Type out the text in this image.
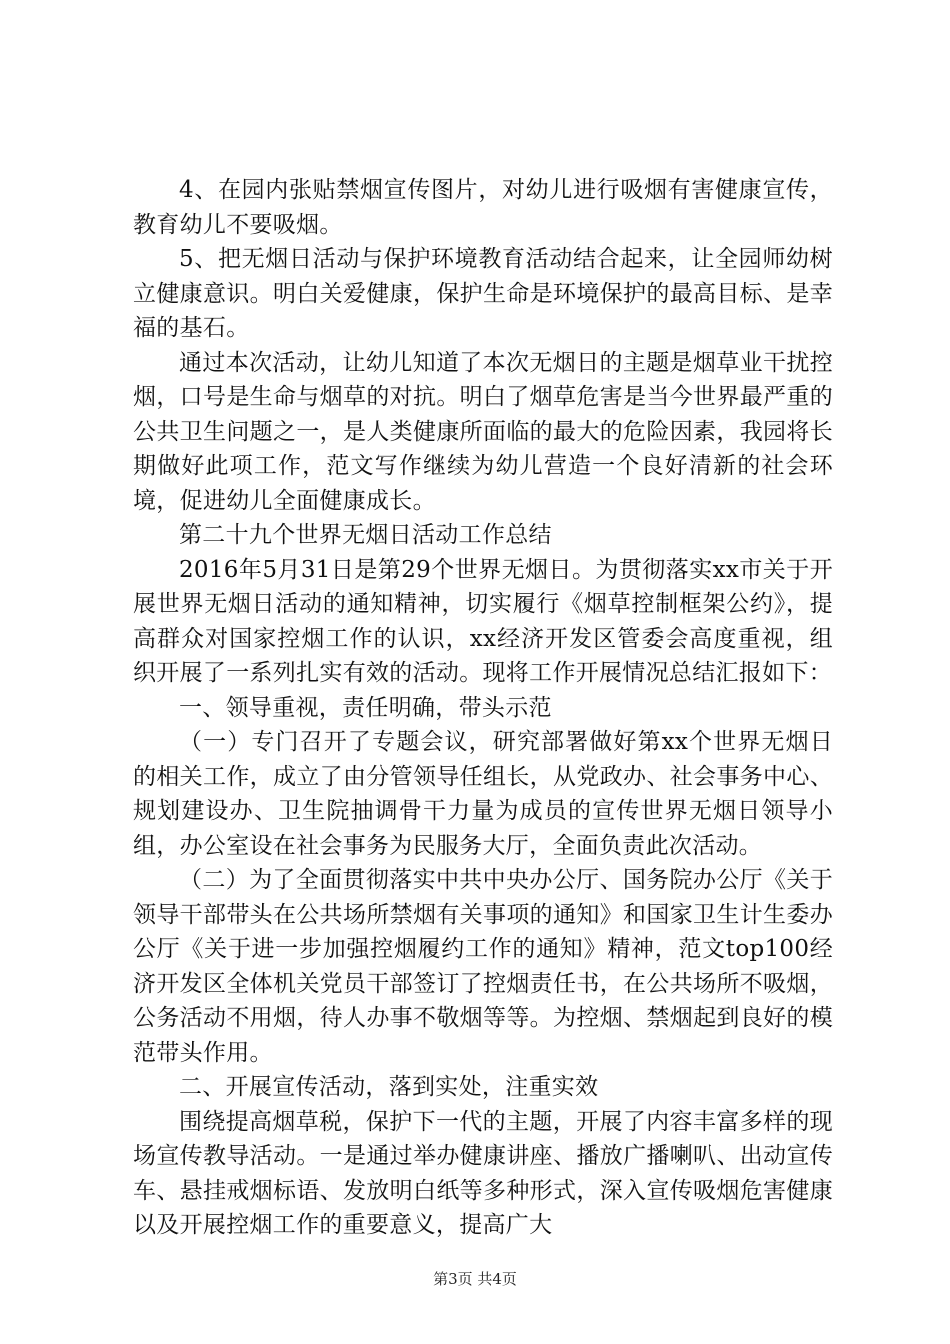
4、在园内张贴禁烟宣传图片，对幼儿进行吸烟有害健康宣传，教育幼儿不要吸烟。

5、把无烟日活动与保护环境教育活动结合起来，让全园师幼树立健康意识。明白关爱健康，保护生命是环境保护的最高目标、是幸福的基石。

通过本次活动，让幼儿知道了本次无烟日的主题是烟草业干扰控烟，口号是生命与烟草的对抗。明白了烟草危害是当今世界最严重的公共卫生问题之一，是人类健康所面临的最大的危险因素，我园将长期做好此项工作，范文写作继续为幼儿营造一个良好清新的社会环境，促进幼儿全面健康成长。

第二十九个世界无烟日活动工作总结

2016年5月31日是第29个世界无烟日。为贯彻落实xx市关于开展世界无烟日活动的通知精神，切实履行《烟草控制框架公约》，提高群众对国家控烟工作的认识，xx经济开发区管委会高度重视，组织开展了一系列扎实有效的活动。现将工作开展情况总结汇报如下：

一、领导重视，责任明确，带头示范

（一）专门召开了专题会议，研究部署做好第xx个世界无烟日的相关工作，成立了由分管领导任组长，从党政办、社会事务中心、规划建设办、卫生院抽调骨干力量为成员的宣传世界无烟日领导小组，办公室设在社会事务为民服务大厅，全面负责此次活动。

（二）为了全面贯彻落实中共中央办公厅、国务院办公厅《关于领导干部带头在公共场所禁烟有关事项的通知》和国家卫生计生委办公厅《关于进一步加强控烟履约工作的通知》精神，范文top100经济开发区全体机关党员干部签订了控烟责任书，在公共场所不吸烟，公务活动不用烟，待人办事不敬烟等等。为控烟、禁烟起到良好的模范带头作用。

二、开展宣传活动，落到实处，注重实效

围绕提高烟草税，保护下一代的主题，开展了内容丰富多样的现场宣传教导活动。一是通过举办健康讲座、播放广播喇叭、出动宣传车、悬挂戒烟标语、发放明白纸等多种形式，深入宣传吸烟危害健康以及开展控烟工作的重要意义，提高广大

第3页 共4页
